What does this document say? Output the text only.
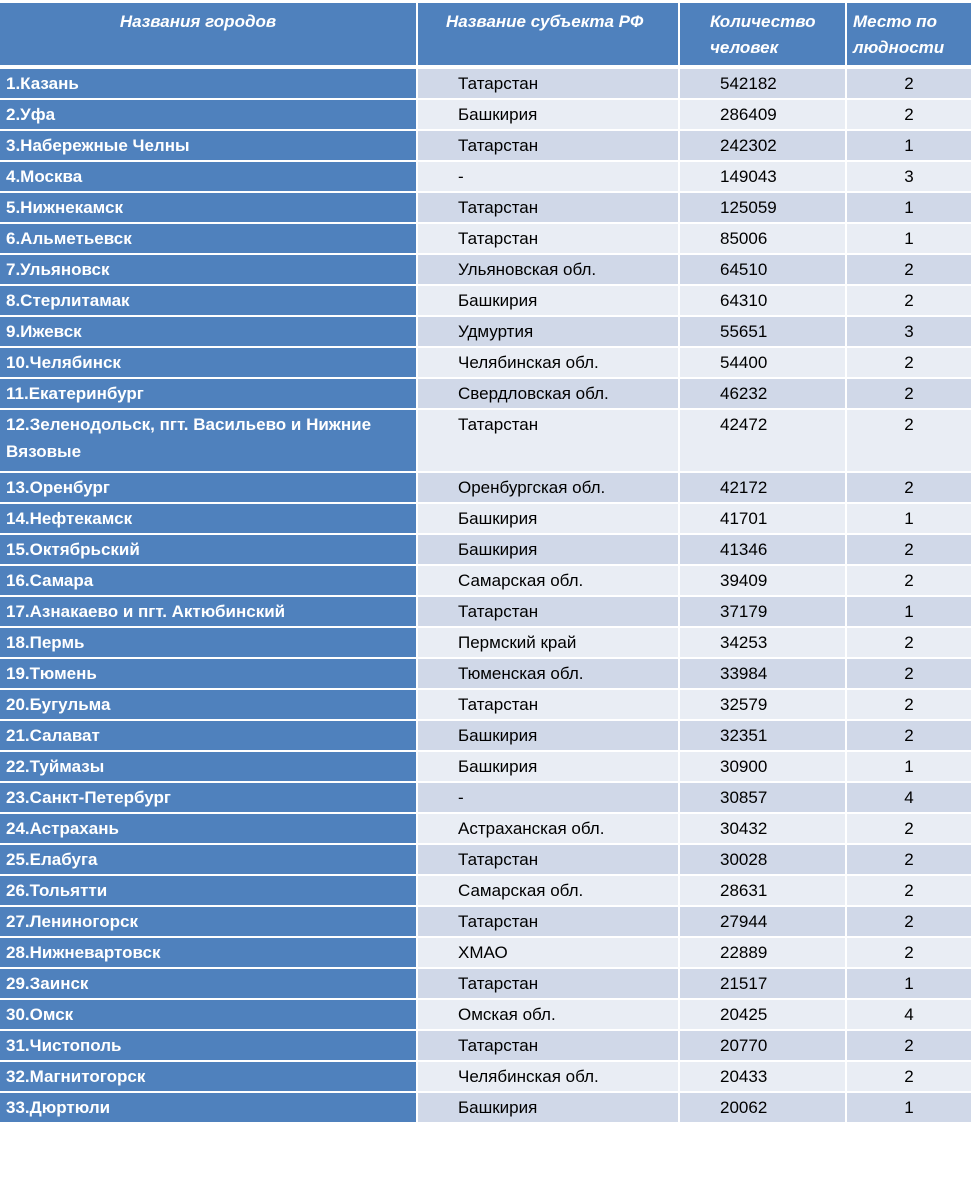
Названия городов	Название субъекта РФ	Количество человек	Место по людности
1.Казань	Татарстан	542182	2
2.Уфа	Башкирия	286409	2
3.Набережные Челны	Татарстан	242302	1
4.Москва	-	149043	3
5.Нижнекамск	Татарстан	125059	1
6.Альметьевск	Татарстан	85006	1
7.Ульяновск	Ульяновская обл.	64510	2
8.Стерлитамак	Башкирия	64310	2
9.Ижевск	Удмуртия	55651	3
10.Челябинск	Челябинская обл.	54400	2
11.Екатеринбург	Свердловская обл.	46232	2
12.Зеленодольск, пгт. Васильево и Нижние Вязовые	Татарстан	42472	2
13.Оренбург	Оренбургская обл.	42172	2
14.Нефтекамск	Башкирия	41701	1
15.Октябрьский	Башкирия	41346	2
16.Самара	Самарская обл.	39409	2
17.Азнакаево и пгт. Актюбинский	Татарстан	37179	1
18.Пермь	Пермский край	34253	2
19.Тюмень	Тюменская обл.	33984	2
20.Бугульма	Татарстан	32579	2
21.Салават	Башкирия	32351	2
22.Туймазы	Башкирия	30900	1
23.Санкт-Петербург	-	30857	4
24.Астрахань	Астраханская обл.	30432	2
25.Елабуга	Татарстан	30028	2
26.Тольятти	Самарская обл.	28631	2
27.Лениногорск	Татарстан	27944	2
28.Нижневартовск	ХМАО	22889	2
29.Заинск	Татарстан	21517	1
30.Омск	Омская обл.	20425	4
31.Чистополь	Татарстан	20770	2
32.Магнитогорск	Челябинская обл.	20433	2
33.Дюртюли	Башкирия	20062	1
